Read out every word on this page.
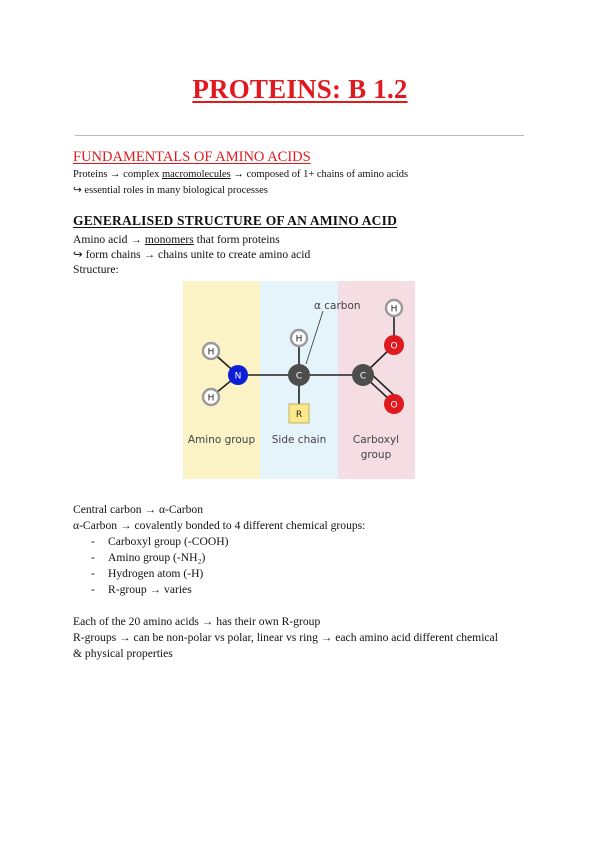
PROTEINS: B 1.2
FUNDAMENTALS OF AMINO ACIDS
Proteins → complex macromolecules → composed of 1+ chains of amino acids
↪ essential roles in many biological processes
GENERALISED STRUCTURE OF AN AMINO ACID
Amino acid → monomers that form proteins
↪ form chains → chains unite to create amino acid
Structure:
H
H
N
H
C
R
C
O
H
O
α carbon
Amino group Side chain	Carboxyl
group
Central carbon → α-Carbon
α-Carbon → covalently bonded to 4 different chemical groups:
- Carboxyl group (-COOH)
- Amino group (-NH₂)
- Hydrogen atom (-H)
- R-group → varies
Each of the 20 amino acids → has their own R-group
R-groups → can be non-polar vs polar, linear vs ring → each amino acid different chemical
& physical properties
